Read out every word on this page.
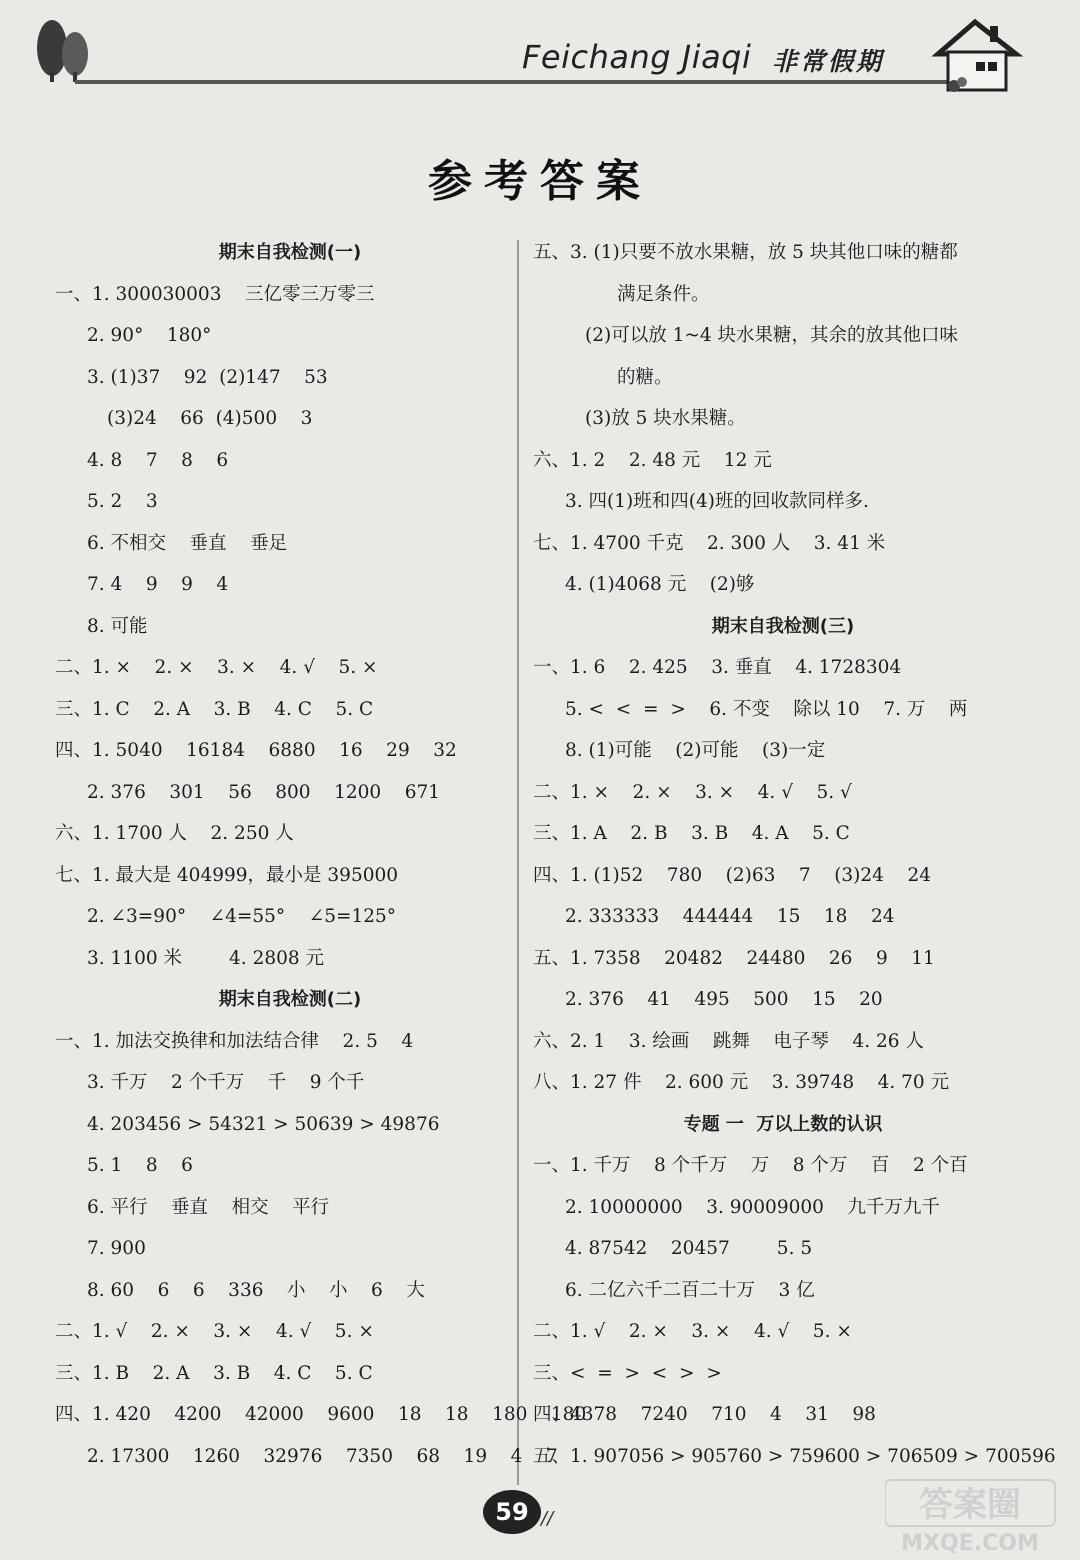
Feichang Jiaqi 非常假期
参考答案
期末自我检测(一)
一、1. 300030003    三亿零三万零三
2. 90°    180°
3. (1)37    92  (2)147    53
(3)24    66  (4)500    3
4. 8    7    8    6
5. 2    3
6. 不相交    垂直    垂足
7. 4    9    9    4
8. 可能
二、1. ×    2. ×    3. ×    4. √    5. ×
三、1. C    2. A    3. B    4. C    5. C
四、1. 5040    16184    6880    16    29    32
2. 376    301    56    800    1200    671
六、1. 1700 人    2. 250 人
七、1. 最大是 404999，最小是 395000
2. ∠3=90°    ∠4=55°    ∠5=125°
3. 1100 米        4. 2808 元
期末自我检测(二)
一、1. 加法交换律和加法结合律    2. 5    4
3. 千万    2 个千万    千    9 个千
4. 203456 > 54321 > 50639 > 49876
5. 1    8    6
6. 平行    垂直    相交    平行
7. 900
8. 60    6    6    336    小    小    6    大
二、1. √    2. ×    3. ×    4. √    5. ×
三、1. B    2. A    3. B    4. C    5. C
四、1. 420    4200    42000    9600    18    18    180    180
2. 17300    1260    32976    7350    68    19    4    7
五、3. (1)只要不放水果糖，放 5 块其他口味的糖都
满足条件。
(2)可以放 1~4 块水果糖，其余的放其他口味
的糖。
(3)放 5 块水果糖。
六、1. 2    2. 48 元    12 元
3. 四(1)班和四(4)班的回收款同样多.
七、1. 4700 千克    2. 300 人    3. 41 米
4. (1)4068 元    (2)够
期末自我检测(三)
一、1. 6    2. 425    3. 垂直    4. 1728304
5. <  <  =  >    6. 不变    除以 10    7. 万    两
8. (1)可能    (2)可能    (3)一定
二、1. ×    2. ×    3. ×    4. √    5. √
三、1. A    2. B    3. B    4. A    5. C
四、1. (1)52    780    (2)63    7    (3)24    24
2. 333333    444444    15    18    24
五、1. 7358    20482    24480    26    9    11
2. 376    41    495    500    15    20
六、2. 1    3. 绘画    跳舞    电子琴    4. 26 人
八、1. 27 件    2. 600 元    3. 39748    4. 70 元
专题 一  万以上数的认识
一、1. 千万    8 个千万    万    8 个万    百    2 个百
2. 10000000    3. 90009000    九千万九千
4. 87542    20457        5. 5
6. 二亿六千二百二十万    3 亿
二、1. √    2. ×    3. ×    4. √    5. ×
三、<  =  >  <  >  >
四、4378    7240    710    4    31    98
五、1. 907056 > 905760 > 759600 > 706509 > 700596
59 //	答案圈
MXQE.COM
